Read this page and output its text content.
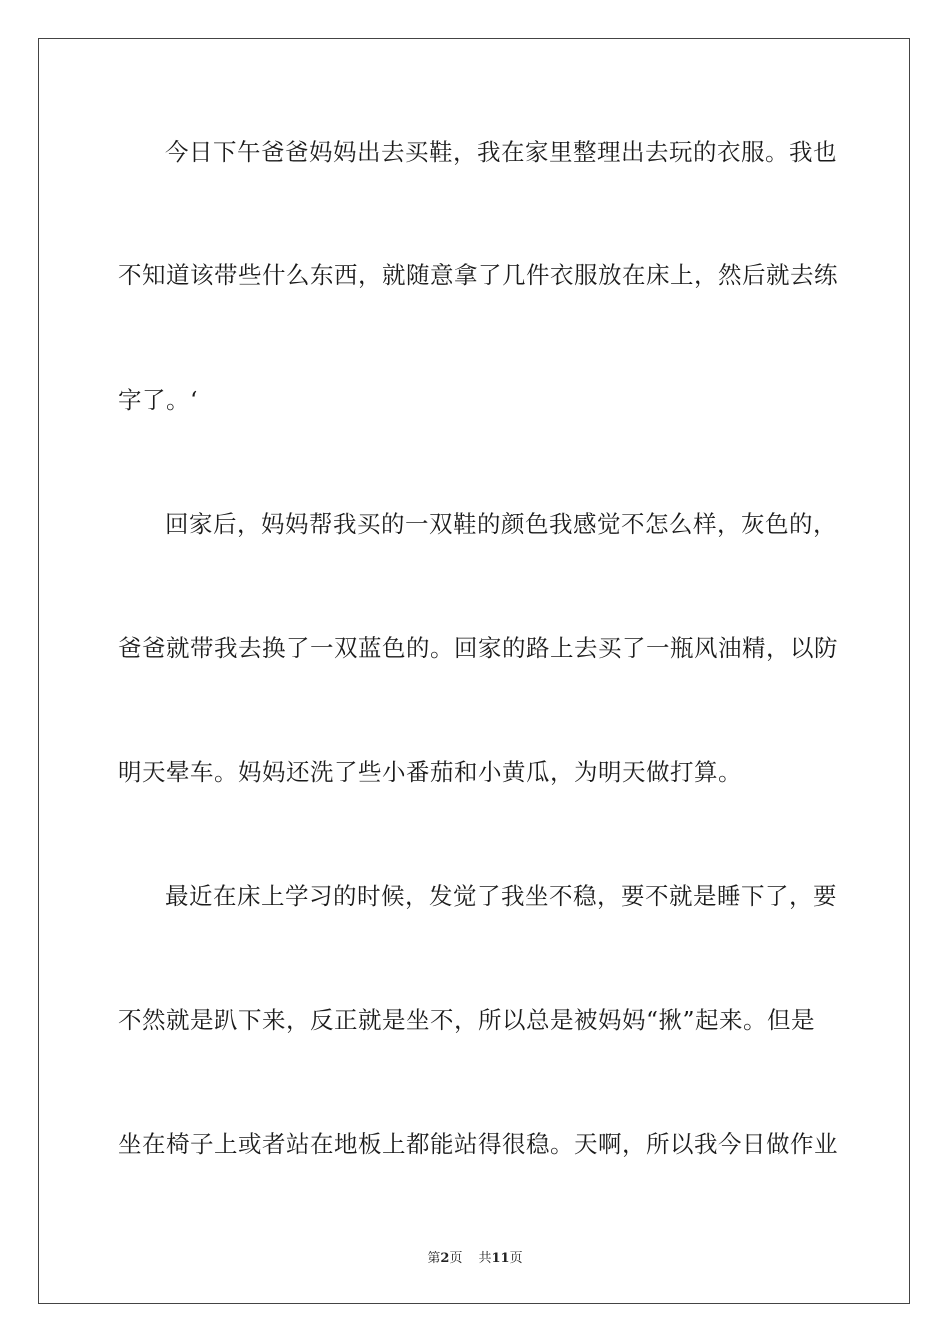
今日下午爸爸妈妈出去买鞋，我在家里整理出去玩的衣服。我也
不知道该带些什么东西，就随意拿了几件衣服放在床上，然后就去练
字了。‘
回家后，妈妈帮我买的一双鞋的颜色我感觉不怎么样，灰色的，
爸爸就带我去换了一双蓝色的。回家的路上去买了一瓶风油精，以防
明天晕车。妈妈还洗了些小番茄和小黄瓜，为明天做打算。
最近在床上学习的时候，发觉了我坐不稳，要不就是睡下了，要
不然就是趴下来，反正就是坐不，所以总是被妈妈“揪”起来。但是
坐在椅子上或者站在地板上都能站得很稳。天啊，所以我今日做作业
第2页 共11页
